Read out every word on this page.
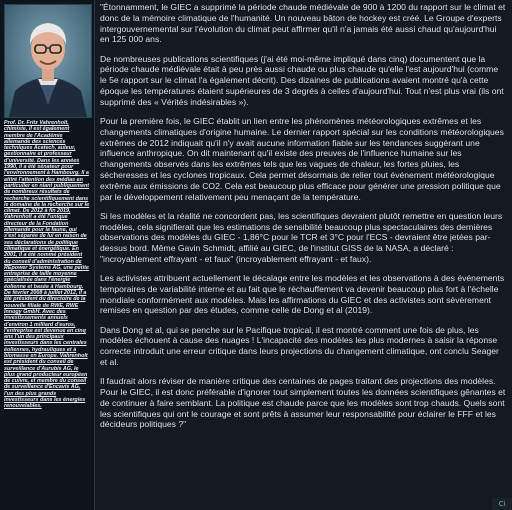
Prof. Dr. Fritz Vahrenholt, chimiste, il est également membre de l'Académie allemande des sciences techniques Acatech, auteur, gestionnaire et professeur d'université. Dans les années 1990, il a été sénateur pour l'environnement à Hambourg. Il a attiré l'attention des médias en particulier en niant publiquement de nombreux résultats de recherche scientifiquement dans le domaine de la recherche sur le climat. De 2012 à fin 2019, Vahrenholt a été l'unique directeur de la Fondation allemande pour la faune, qui s'est séparée de lui en raison de ses déclarations de politique climatique et énergétique. En 2001, il a été nommé président du conseil d'administration de REpower Systems AG, une petite entreprise de taille moyenne spécialisée dans l'énergie éolienne et basée à Hambourg. De février 2008 à juillet 2012, il a été président du directoire de la nouvelle filiale de RWE, RWE Innogy GmbH. Avec des investissements annuels d'environ 1 milliard d'euros, l'entreprise est devenue en cinq ans l'un des principaux investisseurs dans les centrales éoliennes, hydrauliques et à biomasse en Europe. Vahrenholt est président du conseil de surveillance d'Aurubis AG, le plus grand producteur européen de cuivre, et membre du conseil de surveillance d'Encavis AG, l'un des plus grands investisseurs dans les énergies renouvelables.

"Étonnamment, le GIEC a supprimé la période chaude médiévale de 900 à 1200 du rapport sur le climat et donc de la mémoire climatique de l'humanité. Un nouveau bâton de hockey est créé. Le Groupe d'experts intergouvernemental sur l'évolution du climat peut affirmer qu'il n'a jamais été aussi chaud qu'aujourd'hui en 125 000 ans.

De nombreuses publications scientifiques (j'ai été moi-même impliqué dans cinq) documentent que la période chaude médiévale était à peu près aussi chaude ou plus chaude qu'elle l'est aujourd'hui (comme le 5e rapport sur le climat l'a également décrit). Des dizaines de publications avaient montré qu'à cette époque les températures étaient supérieures de 3 degrés à celles d'aujourd'hui. Tout n'est plus vrai (ils ont supprimé des « Vérités indésirables »).

Pour la première fois, le GIEC établit un lien entre les phénomènes météorologiques extrêmes et les changements climatiques d'origine humaine. Le dernier rapport spécial sur les conditions météorologiques extrêmes de 2012 indiquait qu'il n'y avait aucune information fiable sur les tendances suggérant une influence anthropique. On dit maintenant qu'il existe des preuves de l'influence humaine sur les changements observés dans les extrêmes tels que les vagues de chaleur, les fortes pluies, les sécheresses et les cyclones tropicaux. Cela permet désormais de relier tout événement météorologique extrême aux émissions de CO2. Cela est beaucoup plus efficace pour générer une pression politique que par le développement relativement peu menaçant de la température.

Si les modèles et la réalité ne concordent pas, les scientifiques devraient plutôt remettre en question leurs modèles, cela signifierait que les estimations de sensibilité beaucoup plus spectaculaires des dernières observations des modèles du GIEC - 1,86°C pour le TCR et 3°C pour l'ECS - devraient être jetées par-dessus bord. Même Gavin Schmidt, affilié au GIEC, de l'institut GISS de la NASA, a déclaré : "incroyablement effrayant - et faux" (incroyablement effrayant - et faux).

Les activistes attribuent actuellement le décalage entre les modèles et les observations à des événements temporaires de variabilité interne et au fait que le réchauffement va devenir beaucoup plus fort à l'échelle mondiale conformément aux modèles. Mais les affirmations du GIEC et des activistes sont sévèrement remises en question par des études, comme celle de Dong et al (2019).

Dans Dong et al, qui se penche sur le Pacifique tropical, il est montré comment une fois de plus, les modèles échouent à cause des nuages ! L'incapacité des modèles les plus modernes à saisir la réponse correcte introduit une erreur critique dans leurs projections du changement climatique, ont conclu Seager et al.

Il faudrait alors réviser de manière critique des centaines de pages traitant des projections des modèles. Pour le GIEC, il est donc préférable d'ignorer tout simplement toutes les données scientifiques gênantes et de continuer à faire semblant. La politique est chaude parce que les modèles sont trop chauds. Quels sont les scientifiques qui ont le courage et sont prêts à assumer leur responsabilité pour éclairer le FFF et les décideurs politiques ?"

Ci
